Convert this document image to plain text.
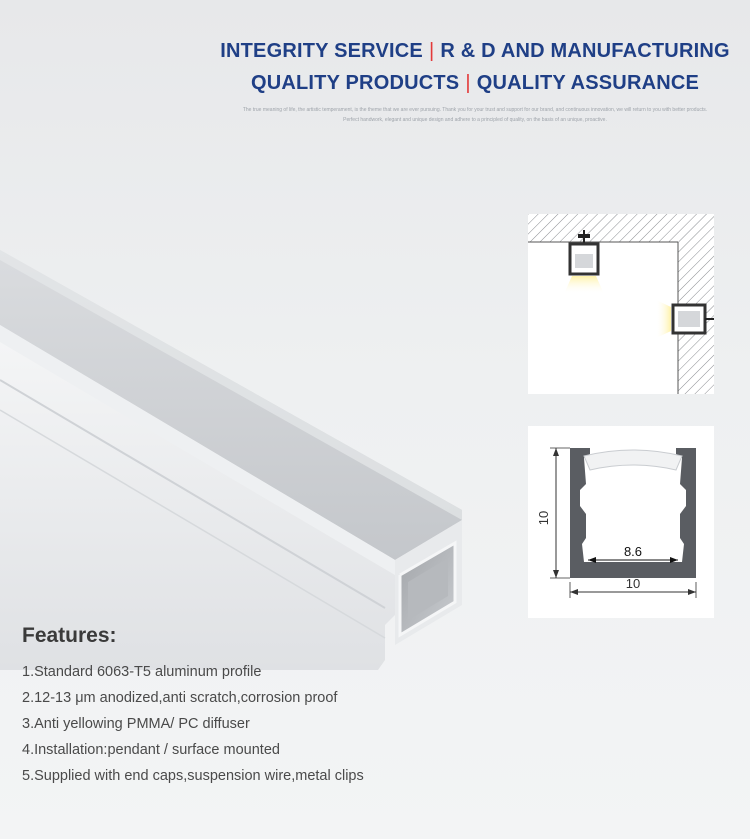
INTEGRITY SERVICE | R & D AND MANUFACTURING
QUALITY PRODUCTS | QUALITY ASSURANCE
The true meaning of life, the artistic temperament, is the theme that we are ever pursuing. Thank you for your trust and support for our brand, and continuous innovation, we will return to you with better products.
Perfect handwork, elegant and unique design and adhere to a principled of quality, on the basis of an unique, proactive.
10
8.6
10
Features:
1.Standard 6063-T5 aluminum profile
2.12-13 μm anodized,anti scratch,corrosion proof
3.Anti yellowing PMMA/ PC diffuser
4.Installation:pendant / surface mounted
5.Supplied with end caps,suspension wire,metal clips
